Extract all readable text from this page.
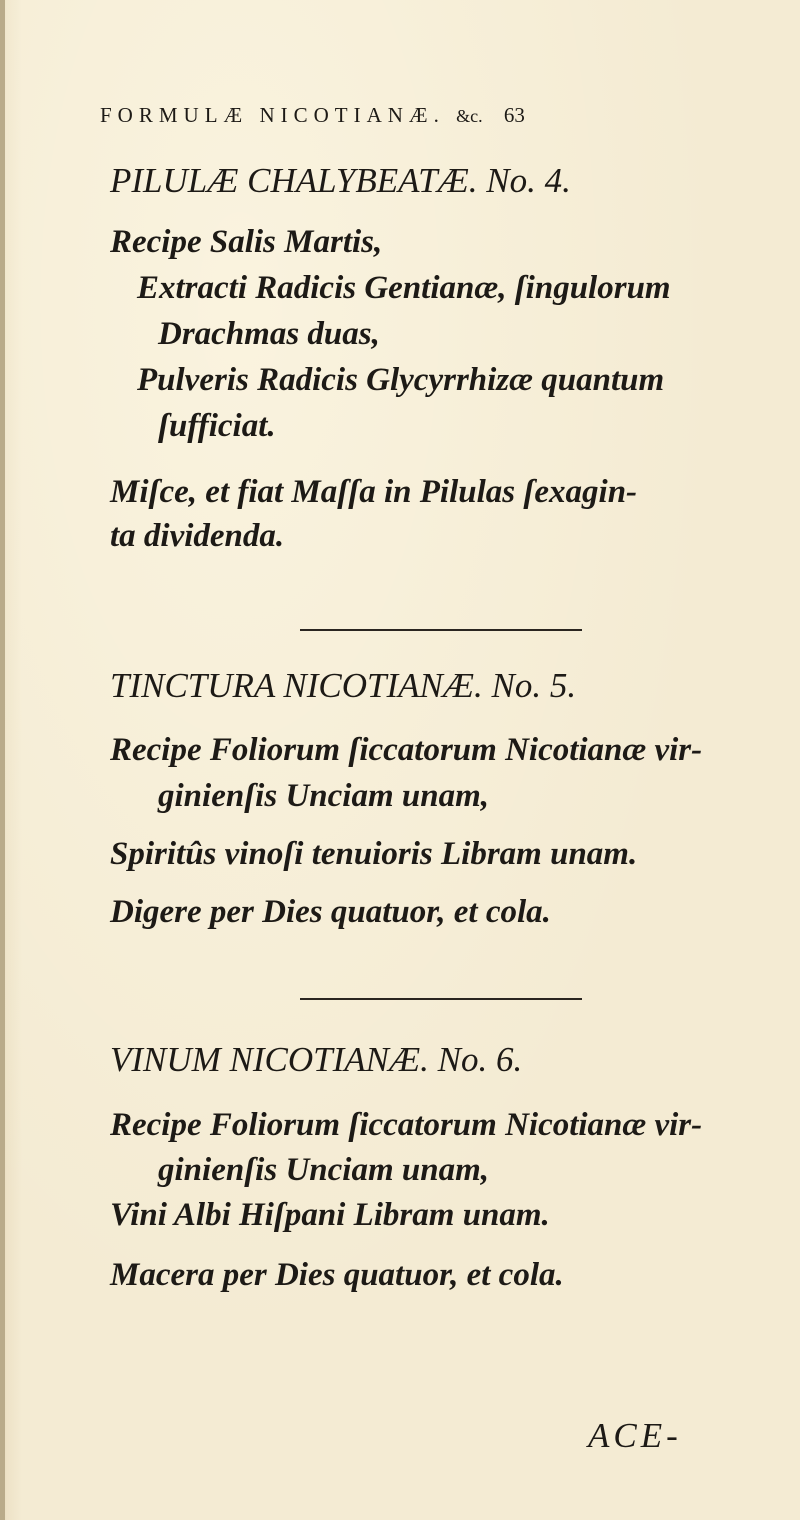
FORMULÆ NICOTIANÆ. &c. 63
PILULÆ CHALYBEATÆ. No. 4.
Recipe Salis Martis,
Extracti Radicis Gentianæ, ſingulorum
Drachmas duas,
Pulveris Radicis Glycyrrhizæ quantum
ſufficiat.
Miſce, et fiat Maſſa in Pilulas ſexagin-
ta dividenda.
TINCTURA NICOTIANÆ. No. 5.
Recipe Foliorum ſiccatorum Nicotianæ vir-
ginienſis Unciam unam,
Spiritûs vinoſi tenuioris Libram unam.
Digere per Dies quatuor, et cola.
VINUM NICOTIANÆ. No. 6.
Recipe Foliorum ſiccatorum Nicotianæ vir-
ginienſis Unciam unam,
Vini Albi Hiſpani Libram unam.
Macera per Dies quatuor, et cola.
ACE-
